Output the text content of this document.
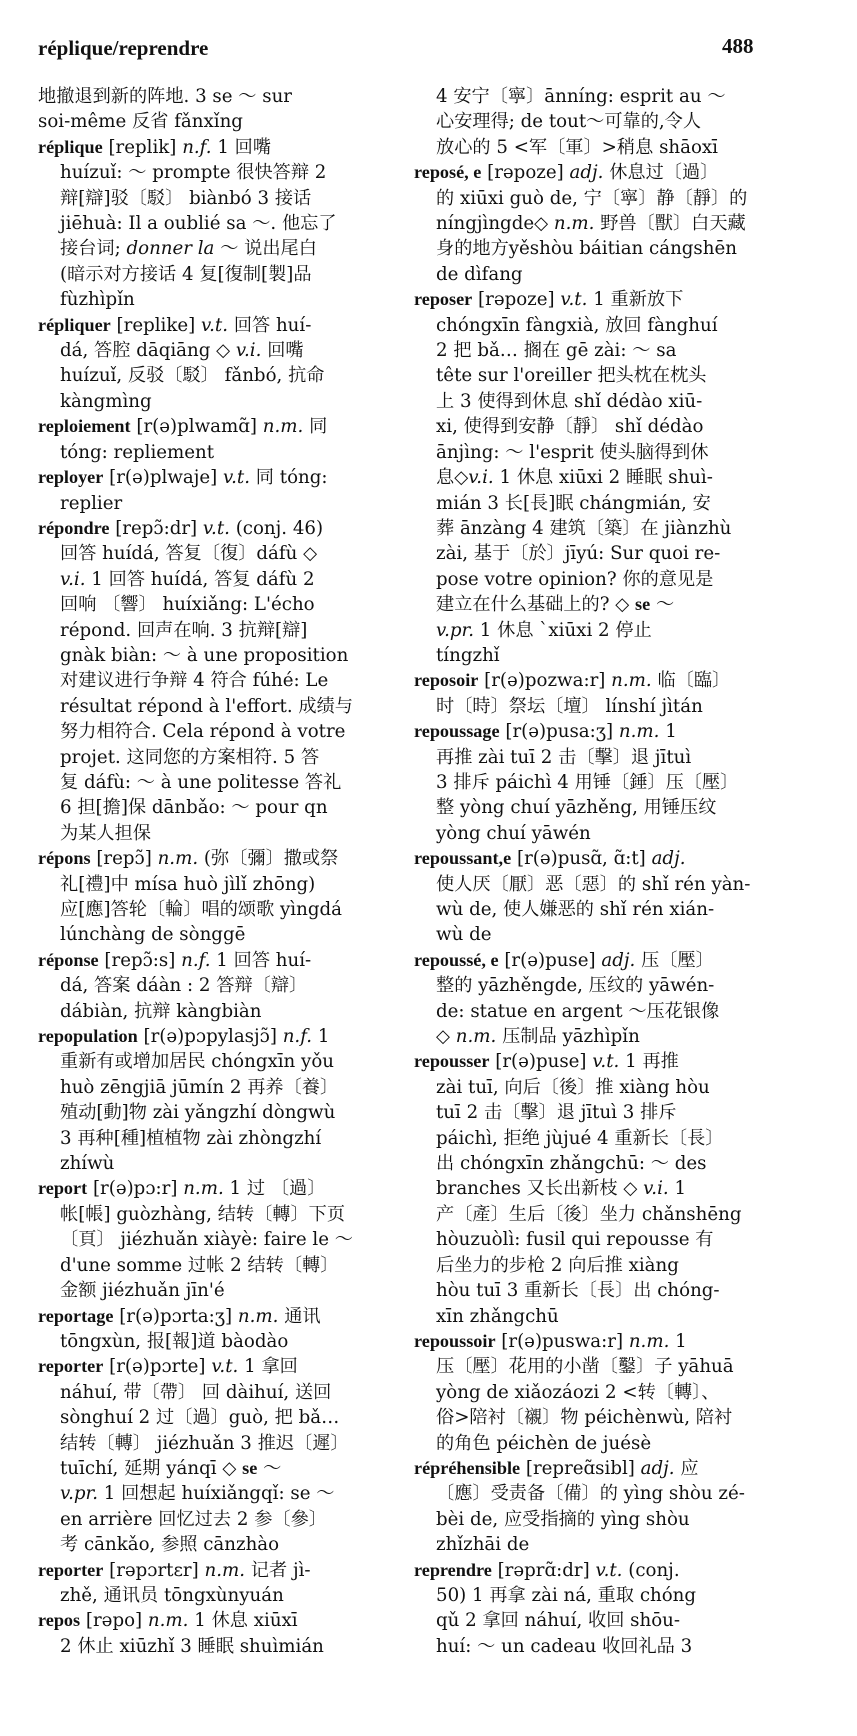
réplique/reprendre	488
地撤退到新的阵地. 3 se ～ sur
soi-même 反省 fǎnxǐng
réplique [replik] n.f. 1 回嘴
huízuǐ: ～ prompte 很快答辩 2
辩[辯]驳〔駁〕 biànbó 3 接话
jiēhuà: Il a oublié sa ～. 他忘了
接台词; donner la ～ 说出尾白
(暗示对方接话 4 复[復制[製]品
fùzhìpǐn
répliquer [replike] v.t. 回答 huí-
dá, 答腔 dāqiāng ◇ v.i. 回嘴
huízuǐ, 反驳〔駁〕 fǎnbó, 抗命
kàngmìng
reploiement [r(ə)plwamɑ̃] n.m. 同
tóng: repliement
reployer [r(ə)plwaje] v.t. 同 tóng:
replier
répondre [repɔ̃:dr] v.t. (conj. 46)
回答 huídá, 答复〔復〕dáfù ◇
v.i. 1 回答 huídá, 答复 dáfù 2
回响 〔響〕 huíxiǎng: L'écho
répond. 回声在响. 3 抗辩[辯]
gnàk biàn: ～ à une proposition
对建议进行争辩 4 符合 fúhé: Le
résultat répond à l'effort. 成绩与
努力相符合. Cela répond à votre
projet. 这同您的方案相符. 5 答
复 dáfù: ～ à une politesse 答礼
6 担[擔]保 dānbǎo: ～ pour qn
为某人担保
répons [repɔ̃] n.m. (弥〔彌〕撒或祭
礼[禮]中 mísa huò jìlǐ zhōng)
应[應]答轮〔輪〕唱的颂歌 yìngdá
lúnchàng de sònggē
réponse [repɔ̃:s] n.f. 1 回答 huí-
dá, 答案 dáàn : 2 答辩〔辯〕
dábiàn, 抗辩 kàngbiàn
repopulation [r(ə)pɔpylasjɔ̃] n.f. 1
重新有或增加居民 chóngxīn yǒu
huò zēngjiā jūmín 2 再养〔養〕
殖动[動]物 zài yǎngzhí dòngwù
3 再种[種]植植物 zài zhòngzhí
zhíwù
report [r(ə)pɔ:r] n.m. 1 过 〔過〕
帐[帳] guòzhàng, 结转〔轉〕下页
〔頁〕 jiézhuǎn xiàyè: faire le ～
d'une somme 过帐 2 结转〔轉〕
金额 jiézhuǎn jīn'é
reportage [r(ə)pɔrta:ʒ] n.m. 通讯
tōngxùn, 报[報]道 bàodào
reporter [r(ə)pɔrte] v.t. 1 拿回
náhuí, 带〔帶〕 回 dàihuí, 送回
sònghuí 2 过〔過〕guò, 把 bǎ…
结转〔轉〕 jiézhuǎn 3 推迟〔遲〕
tuīchí, 延期 yánqī ◇ se ～
v.pr. 1 回想起 huíxiǎngqǐ: se ～
en arrière 回忆过去 2 参〔參〕
考 cānkǎo, 参照 cānzhào
reporter [rəpɔrtɛr] n.m. 记者 jì-
zhě, 通讯员 tōngxùnyuán
repos [rəpo] n.m. 1 休息 xiūxī
2 休止 xiūzhǐ 3 睡眠 shuìmián
4 安宁〔寧〕ānníng: esprit au ～
心安理得; de tout～可靠的,令人
放心的 5 <军〔軍〕>稍息 shāoxī
reposé, e [rəpoze] adj. 休息过〔過〕
的 xiūxi guò de, 宁〔寧〕静〔靜〕的
níngjìngde◇ n.m. 野兽〔獸〕白天藏
身的地方yěshòu báitian cángshēn
de dìfang
reposer [rəpoze] v.t. 1 重新放下
chóngxīn fàngxià, 放回 fànghuí
2 把 bǎ… 搁在 gē zài: ～ sa
tête sur l'oreiller 把头枕在枕头
上 3 使得到休息 shǐ dédào xiū-
xi, 使得到安静〔靜〕 shǐ dédào
ānjìng: ～ l'esprit 使头脑得到休
息◇v.i. 1 休息 xiūxi 2 睡眠 shuì-
mián 3 长[長]眠 chángmián, 安
葬 ānzàng 4 建筑〔築〕在 jiànzhù
zài, 基于〔於〕jīyú: Sur quoi re-
pose votre opinion? 你的意见是
建立在什么基础上的? ◇ se ～
v.pr. 1 休息 `xiūxi 2 停止
tíngzhǐ
reposoir [r(ə)pozwa:r] n.m. 临〔臨〕
时〔時〕祭坛〔壇〕 línshí jìtán
repoussage [r(ə)pusa:ʒ] n.m. 1
再推 zài tuī 2 击〔擊〕退 jītuì
3 排斥 páichì 4 用锤〔錘〕压〔壓〕
整 yòng chuí yāzhěng, 用锤压纹
yòng chuí yāwén
repoussant,e [r(ə)pusɑ̃, ɑ̃:t] adj.
使人厌〔厭〕恶〔惡〕的 shǐ rén yàn-
wù de, 使人嫌恶的 shǐ rén xián-
wù de
repoussé, e [r(ə)puse] adj. 压〔壓〕
整的 yāzhěngde, 压纹的 yāwén-
de: statue en argent ～压花银像
◇ n.m. 压制品 yāzhìpǐn
repousser [r(ə)puse] v.t. 1 再推
zài tuī, 向后〔後〕推 xiàng hòu
tuī 2 击〔擊〕退 jītuì 3 排斥
páichì, 拒绝 jùjué 4 重新长〔長〕
出 chóngxīn zhǎngchū: ～ des
branches 又长出新枝 ◇ v.i. 1
产〔產〕生后〔後〕坐力 chǎnshēng
hòuzuòlì: fusil qui repousse 有
后坐力的步枪 2 向后推 xiàng
hòu tuī 3 重新长〔長〕出 chóng-
xīn zhǎngchū
repoussoir [r(ə)puswa:r] n.m. 1
压〔壓〕花用的小凿〔鑿〕子 yāhuā
yòng de xiǎozáozi 2 <转〔轉〕、
俗>陪衬〔襯〕物 péichènwù, 陪衬
的角色 péichèn de juésè
répréhensible [repreɑ̃sibl] adj. 应
〔應〕受责备〔備〕的 yìng shòu zé-
bèi de, 应受指摘的 yìng shòu
zhǐzhāi de
reprendre [rəprɑ̃:dr] v.t. (conj.
50) 1 再拿 zài ná, 重取 chóng
qǔ 2 拿回 náhuí, 收回 shōu-
huí: ～ un cadeau 收回礼品 3
